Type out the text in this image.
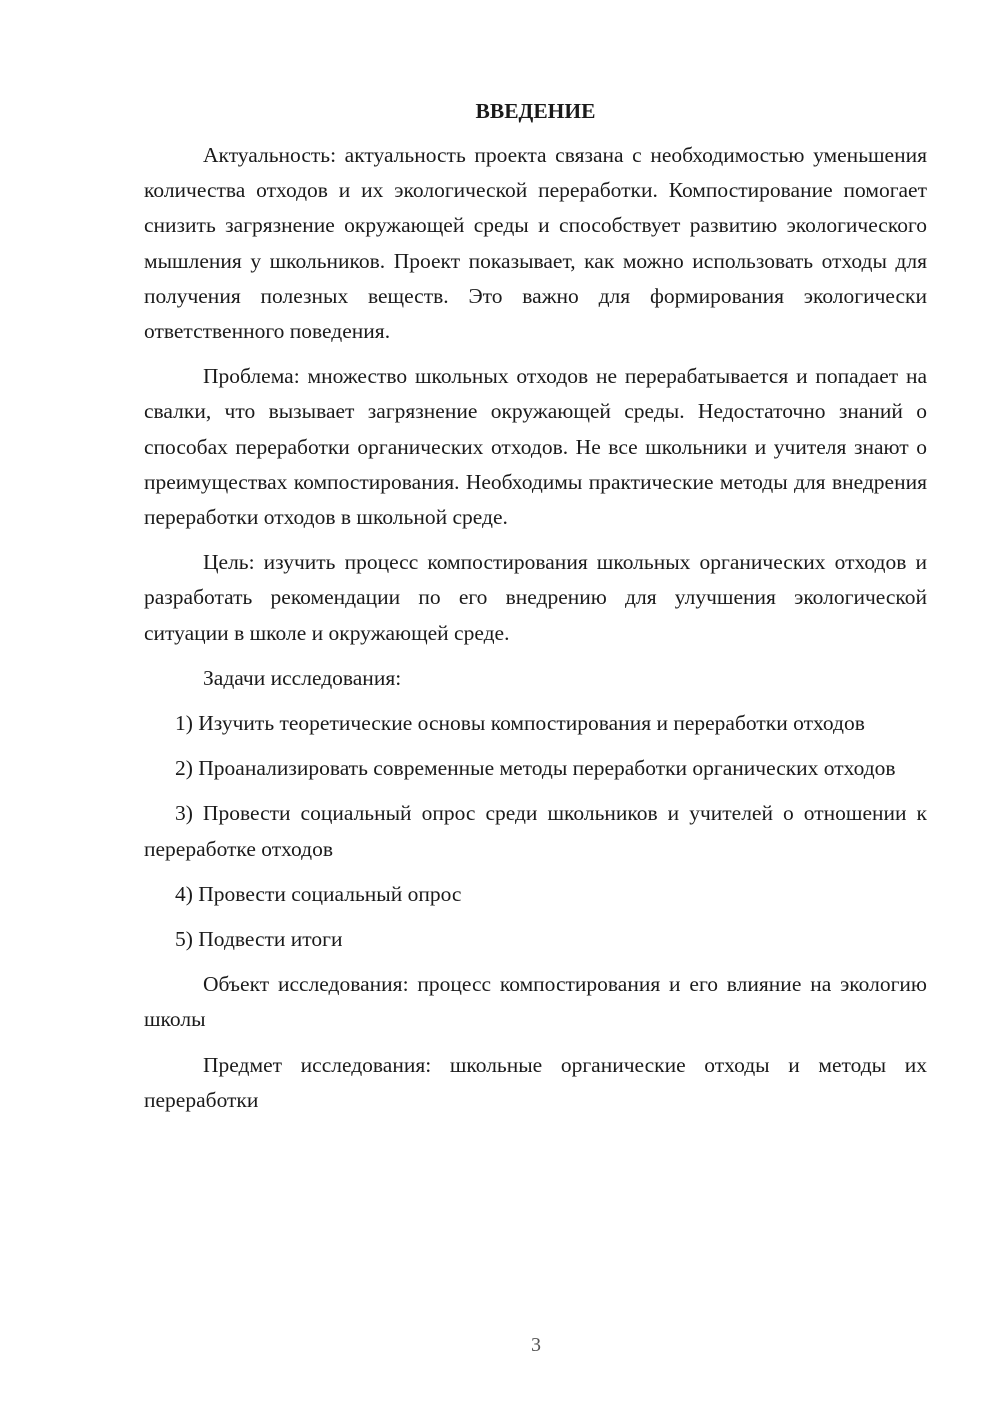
ВВЕДЕНИЕ

Актуальность: актуальность проекта связана с необходимостью уменьшения количества отходов и их экологической переработки. Компостирование помогает снизить загрязнение окружающей среды и способствует развитию экологического мышления у школьников. Проект показывает, как можно использовать отходы для получения полезных веществ. Это важно для формирования экологически ответственного поведения.

Проблема: множество школьных отходов не перерабатывается и попадает на свалки, что вызывает загрязнение окружающей среды. Недостаточно знаний о способах переработки органических отходов. Не все школьники и учителя знают о преимуществах компостирования. Необходимы практические методы для внедрения переработки отходов в школьной среде.

Цель: изучить процесс компостирования школьных органических отходов и разработать рекомендации по его внедрению для улучшения экологической ситуации в школе и окружающей среде.

Задачи исследования:

1) Изучить теоретические основы компостирования и переработки отходов

2) Проанализировать современные методы переработки органических отходов

3) Провести социальный опрос среди школьников и учителей о отношении к переработке отходов

4) Провести социальный опрос

5) Подвести итоги

Объект исследования: процесс компостирования и его влияние на экологию школы

Предмет исследования: школьные органические отходы и методы их переработки

3
